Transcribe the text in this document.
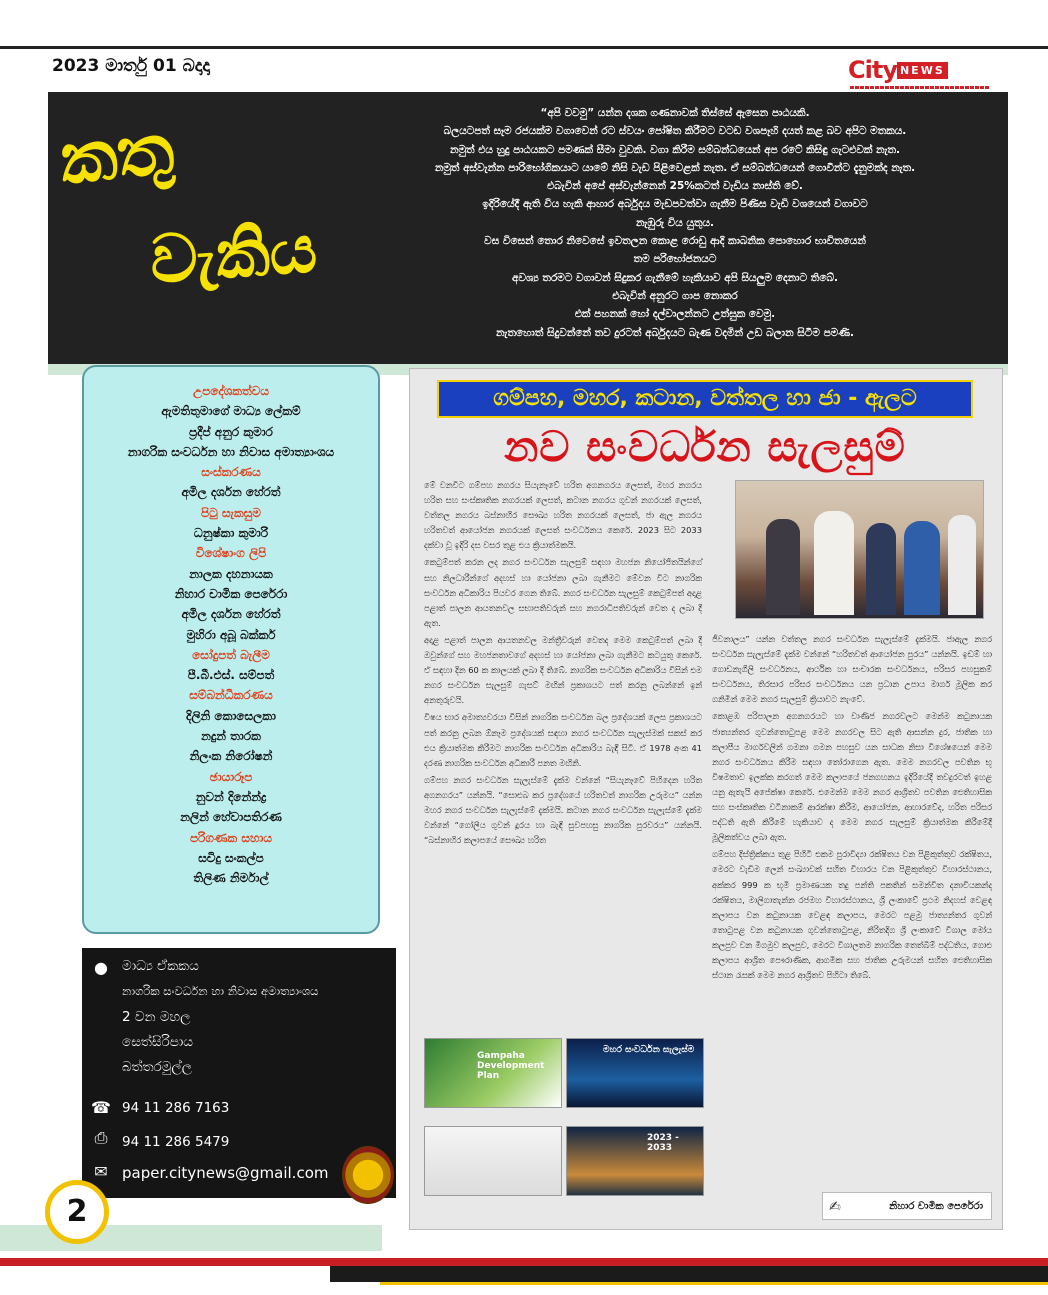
2023 මාර්තු 01 බදාදා	City NEWS
කතු
වැකිය
“අපි වවමු” යන්න දශක ගණනාවක් තිස්සේ ඇසෙන පාඨයකි.
බලයටපත් සෑම රජයක්ම වගාවෙන් රට ස්වයං පෝෂිත කිරීමට වටඩ වශපෑහි දයත් කළ බව අපිට මතකය.
නමුත් එය හුදු පාඨයකට පමණක් සීමා වුවකි. වගා කිරීම සම්බන්ධයෙන් අප රටේ කිසිඳු ගැටළුවක් නැත.
නමුත් අස්වැන්න පාරිභෝගිකයාට යාමේ නිසි වැඩ පිළිවෙළක් නැත. ඒ සම්බන්ධයෙන් ගොවීන්ට දැනුමක්ද නැත.
එබැවින් අපේ අස්වැන්නෙන් 25%කටත් වැඩිය නාස්ති වේ.
ඉදිරියේදී ඇති විය හැකි ආහාර අර්බුදය මැඩපවත්වා ගැනීම පිණිස වැඩි වශයෙන් වගාවට
නැඹුරු විය යුතුය.
වස විසෙන් තොර නිවෙසේ ඉවතලන කොළ රොඩු ආදි කාබනික පොහොර භාවිතයෙන්
තම පරිභෝජනයට
අවශ්‍ය තරමට වගාවන් සිදුකර ගැනීමේ හැකියාව අපි සියලුම දෙනාට තිබේ.
එබැවින් අනුරට ගාප නොකර
එක් පහනක් හෝ දල්වාලන්නට උත්සුක වෙමු.
නැතහොත් සිදුවන්නේ තව දුරටත් අර්බුදයට බැණ වදමින් උඩ බලාන සිටීම පමණි.
උපදේශකත්වය
ඇමතිතුමාගේ මාධ්‍ය ලේකම්
ප්‍රදීප් අනුර කුමාර
නාගරික සංවර්ධන හා නිවාස අමාත්‍යාංශය
සංස්කරණය
අමිල දර්ශන හේරත්
පිටු සැකසුම
ධනුෂ්කා කුමාරි
විශේෂාංග ලිපි
නාලක දහනායක
නිහාර චාමික පෙරේරා
අමිල දර්ශන හේරත්
මුහිරා අබූ බක්කර්
සෝදුපත් බැලීම
පී.බී.එස්. සම්පත්
සම්බන්ධීකරණය
දිලිනි කොසෙලකා
නදුන් තාරක
නිලංක නිරෝෂන්
ඡායාරූප
නුවන් දිනේන්ද්‍ර
නලින් හේවාපතිරණ
පරිගණක සහාය
සචිදු සංකල්ප
තිලිණ නිර්මාල්
● මාධ්‍ය ඒකකය
නාගරික සංවර්ධන හා නිවාස අමාත්‍යාංශය
2 වන මහල
සෙත්සිරිපාය
බත්තරමුල්ල
☎ 94 11 286 7163
⎙	94 11 286 5479
✉ paper.citynews@gmail.com
2
ගම්පහ, මහර, කටාන, වත්තල හා ජා - ඇලට
නව සංවර්ධන සැලසුම්

මේ වනවිට ගම්පහ නගරය සියැනෑවේ හරිත අගනගරය ලෙසත්, මහර නගරය හරිත සහ සංස්කෘතික නගරයක් ලෙසත්, කටාන නගරය ගුවන් නගරයක් ලෙසත්, වත්තල නගරය බස්නාහිර සෞඛ්‍ය හරිත නගරයක් ලෙසත්, ජා ඇල නගරය හරිතවත් ආයෝජන නගරයක් ලෙසත් සංවර්ධනය කෙරේ. 2023 සිට 2033 දක්වා වූ ඉදිරි දස වසර තුළ එය ක්‍රියාත්මකයි.

කෙටුම්පත් කරන ලද නගර සංවර්ධන සැලසුම් සඳහා මහජන නියෝජිතයින්ගේ සහ නිලධාරීන්ගේ අදහස් හා යෝජනා ලබා ගැනීමට මේවන විට නාගරික සංවර්ධන අධිකාරිය පියවර ගෙන තිබේ. නගර සංවර්ධන සැලසුම් කෙටුම්පත් අදාළ පළාත් පාලන ආයතනවල සභාපතිවරුන් සහ නගරාධිපතිවරුන් වෙත ද ලබා දී ඇත.

අදාළ පළාත් පාලන ආයතනවල මන්ත්‍රීවරුන් වෙතද මෙම කෙටුම්පත් ලබා දී ඔවුන්ගේ සහ මහජනතාවගේ අදහස් හා යෝජනා ලබා ගැනීමට කටයුතු කෙරේ. ඒ සඳහා දින 60 ක කාලයක් ලබා දී තිබේ. නාගරික සංවර්ධන අධිකාරිය විසින් එම නගර සංවර්ධන සැලසුම් ගැසට් මඟින් ප්‍රකාශයට පත් කරනු ලබන්නේ ඉන් අනතුරුවයි.

විෂය භාර අමාත්‍යවරයා විසින් නාගරික සංවර්ධන බල ප්‍රදේශයක් ලෙස ප්‍රකාශයට පත් කරනු ලබන ඕනෑම ප්‍රදේශයක් සඳහා නගර සංවර්ධන සැලැස්මක් සකස් කර එය ක්‍රියාත්මක කිරීමට නාගරික සංවර්ධන අධිකාරිය බැඳී සිටී. ඒ 1978 අංක 41 දරණ නාගරික සංවර්ධන අධිකාරී පනත මඟිනි.

ගම්පහ නගර සංවර්ධන සැලැස්මේ දැක්ම වන්නේ “සියැනෑවේ පිහිදෙන හරිත අගනගරය” යන්නයි. “සොළුබ කර ප්‍රදේශයේ හරිතවත් නාගරික උරුමය” යන්න මහර නගර සංවර්ධන සැලැස්මේ දැක්මයි. කටාන නගර සංවර්ධන සැලැස්මේ දැක්ම වන්නේ “ගෝලීය ගුවන් දූරය හා බැඳි සුවපහසු නාගරික පුරවරය” යන්නයි. “බස්නාහිර කලාපයේ සෞඛ්‍ය හරිත

ජීවනාලය” යන්න වත්තල නගර සංවර්ධන සැලැස්මේ දැක්මයි. ජාඇල නගර සංවර්ධන සැලැස්මේ දැක්ම වන්නේ “හරිතවත් ආයෝජන පුරය” යන්නයි. ඉඩම් හා ගොඩනැගිලි සංවර්ධනය, ආර්ථික හා සංචාරක සංවර්ධනය, පරිසර පහසුකම් සංවර්ධනය, තිරසාර පරිසර සංවර්ධනය යන ප්‍රධාන උපාය මාර්ග මූලික කර ගනිමින් මෙම නගර සැලසුම් ක්‍රියාවට නැංවේ.

කොළඹ පරිපාලන අගනගරයට හා වාණිජ නගරවලට මෙන්ම කටුනායක ජාත්‍යන්තර ගුවන්තොටුපළ මෙම නගරවල සිට ඇති ආසන්න දුර, ජාතික හා කලාපීය මාර්ගවලින් ගමනා ගමන පහසුව යන සාධක නිසා විශේෂයෙන් මෙම නගර සංවර්ධනය කිරීම සඳහා තෝරාගෙන ඇත. මෙම නගරවල පවතින භූ විෂමතාව ඉලක්ක කරගත් මෙම කලාපයේ ජනගහනය ඉදිරියේදී තවදුරටත් ඉහළ යනු ඇතැයි අපේක්ෂා කෙරේ. එමෙන්ම මෙම නගර ආශ්‍රිතව පවතින ඓතිහාසික සහ සංස්කෘතික වටිනාකම් ආරක්ෂා කිරීම, ආයෝජන, ආහාරවේද, හරිත පරිසර පද්ධති ඇති කිරීමේ හැකියාව ද මෙම නගර සැලසුම් ක්‍රියාත්මක කිරීමේදී මූලිකත්වය ලබා ඇත.

ගම්පහ දිස්ත්‍රික්කය තුළ පිහිටි එකම පුරාවිද්‍යා රක්ෂිතය වන පිළිකුත්තුව රක්ෂිතය, මෙරට වැඩිම ලෙන් සංඛ්‍යාවක් සහිත විහාරය වන පිළිකුත්තුව විහාරස්ථානය, අක්කර 999 ක භූමි ප්‍රමාණයක තදු පන්ති පකතින් සමන්විත දනාවියකන්ද රක්ෂිතය, මාලිගාතැන්න රජමහ විහාරස්ථානය, ශ්‍රී ලංකාවේ ප්‍රථම නිදහස් වෙළඳ කලාපය වන කටුනායක වෙළඳ කලාපය, මෙරට පළමු ජාත්‍යන්තර ගුවන් තොටුපළ වන කටුනායක ගුවන්තොටුපළ, නිරිතදිග ශ්‍රී ලංකාවේ විශාල මෝය කලපුව වන මීගමුව කලපුව, මෙරට විශාලතම නාගරික තෙත්බිම් පද්ධතිය, ගොළු කලාපය ආශ්‍රිත පෞරාණික, ආගමික සහ ජාතික උරුමයන් සහිත ඓතිහාසික ස්ථාන රැසක් මෙම නගර ආශ්‍රිතව පිහිටා තිබේ.

Gampaha Development Plan
මහර සංවර්ධන සැලැස්ම
2023 - 2033
✍	නිහාර චාමික පෙරේරා
